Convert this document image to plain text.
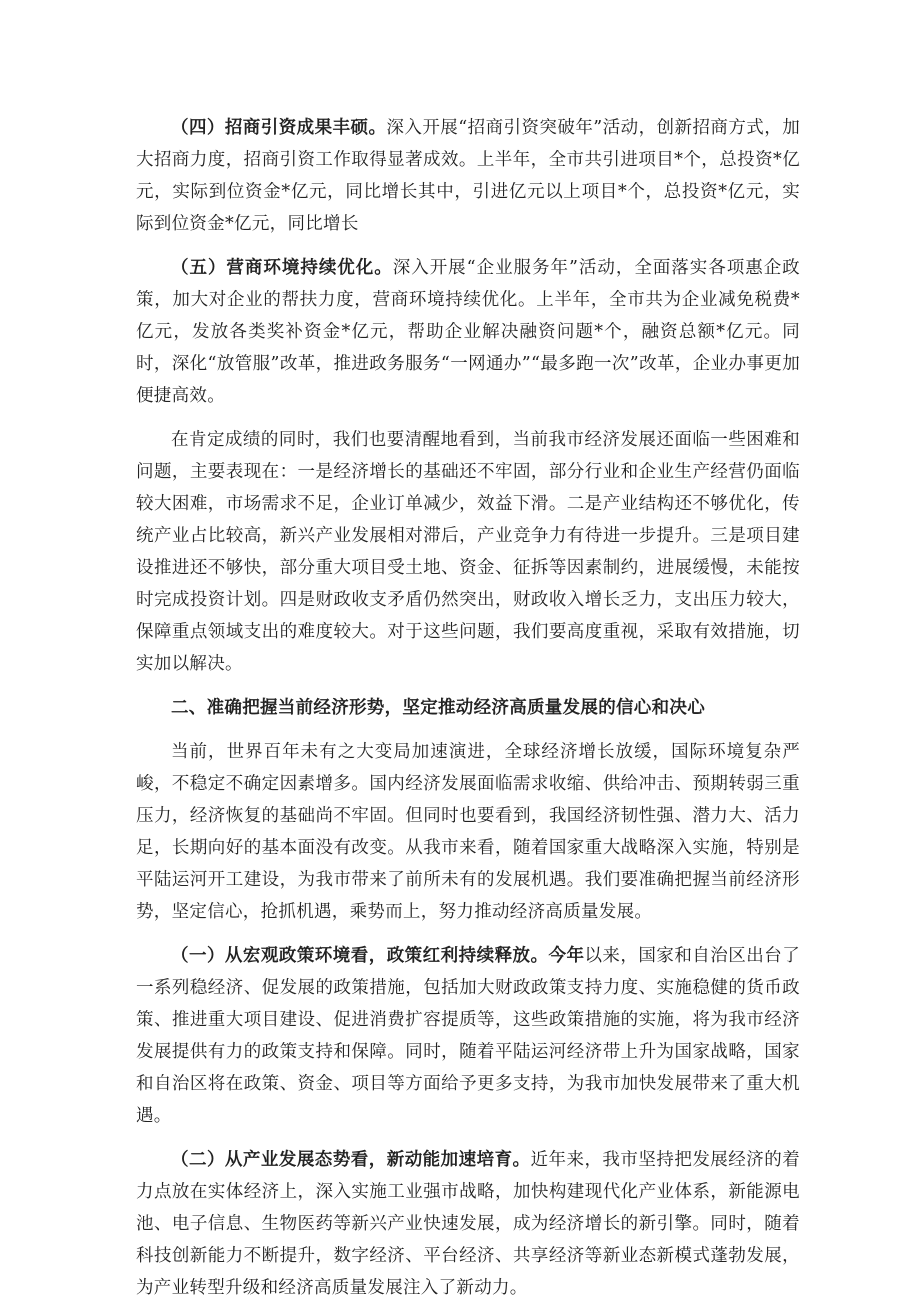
（四）招商引资成果丰硕。深入开展“招商引资突破年”活动，创新招商方式，加大招商力度，招商引资工作取得显著成效。上半年，全市共引进项目*个，总投资*亿元，实际到位资金*亿元，同比增长其中，引进亿元以上项目*个，总投资*亿元，实际到位资金*亿元，同比增长

（五）营商环境持续优化。深入开展“企业服务年”活动，全面落实各项惠企政策，加大对企业的帮扶力度，营商环境持续优化。上半年，全市共为企业减免税费*亿元，发放各类奖补资金*亿元，帮助企业解决融资问题*个，融资总额*亿元。同时，深化“放管服”改革，推进政务服务“一网通办”“最多跑一次”改革，企业办事更加便捷高效。

在肯定成绩的同时，我们也要清醒地看到，当前我市经济发展还面临一些困难和问题，主要表现在：一是经济增长的基础还不牢固，部分行业和企业生产经营仍面临较大困难，市场需求不足，企业订单减少，效益下滑。二是产业结构还不够优化，传统产业占比较高，新兴产业发展相对滞后，产业竞争力有待进一步提升。三是项目建设推进还不够快，部分重大项目受土地、资金、征拆等因素制约，进展缓慢，未能按时完成投资计划。四是财政收支矛盾仍然突出，财政收入增长乏力，支出压力较大，保障重点领域支出的难度较大。对于这些问题，我们要高度重视，采取有效措施，切实加以解决。

二、准确把握当前经济形势，坚定推动经济高质量发展的信心和决心

当前，世界百年未有之大变局加速演进，全球经济增长放缓，国际环境复杂严峻，不稳定不确定因素增多。国内经济发展面临需求收缩、供给冲击、预期转弱三重压力，经济恢复的基础尚不牢固。但同时也要看到，我国经济韧性强、潜力大、活力足，长期向好的基本面没有改变。从我市来看，随着国家重大战略深入实施，特别是平陆运河开工建设，为我市带来了前所未有的发展机遇。我们要准确把握当前经济形势，坚定信心，抢抓机遇，乘势而上，努力推动经济高质量发展。

（一）从宏观政策环境看，政策红利持续释放。今年以来，国家和自治区出台了一系列稳经济、促发展的政策措施，包括加大财政政策支持力度、实施稳健的货币政策、推进重大项目建设、促进消费扩容提质等，这些政策措施的实施，将为我市经济发展提供有力的政策支持和保障。同时，随着平陆运河经济带上升为国家战略，国家和自治区将在政策、资金、项目等方面给予更多支持，为我市加快发展带来了重大机遇。

（二）从产业发展态势看，新动能加速培育。近年来，我市坚持把发展经济的着力点放在实体经济上，深入实施工业强市战略，加快构建现代化产业体系，新能源电池、电子信息、生物医药等新兴产业快速发展，成为经济增长的新引擎。同时，随着科技创新能力不断提升，数字经济、平台经济、共享经济等新业态新模式蓬勃发展，为产业转型升级和经济高质量发展注入了新动力。
